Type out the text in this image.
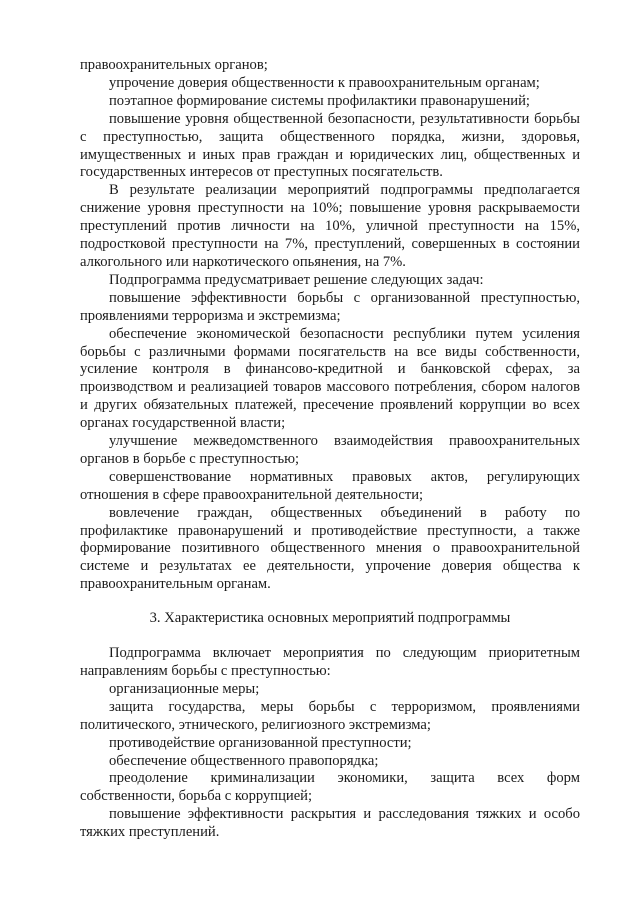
правоохранительных органов;

упрочение доверия общественности к правоохранительным органам;

поэтапное формирование системы профилактики правонарушений;

повышение уровня общественной безопасности, результативности борьбы с преступностью, защита общественного порядка, жизни, здоровья, имущественных и иных прав граждан и юридических лиц, общественных и государственных интересов от преступных посягательств.

В результате реализации мероприятий подпрограммы предполагается снижение уровня преступности на 10%; повышение уровня раскрываемости преступлений против личности на 10%, уличной преступности на 15%, подростковой преступности на 7%, преступлений, совершенных в состоянии алкогольного или наркотического опьянения, на 7%.

Подпрограмма предусматривает решение следующих задач:

повышение эффективности борьбы с организованной преступностью, проявлениями терроризма и экстремизма;

обеспечение экономической безопасности республики путем усиления борьбы с различными формами посягательств на все виды собственности, усиление контроля в финансово-кредитной и банковской сферах, за производством и реализацией товаров массового потребления, сбором налогов и других обязательных платежей, пресечение проявлений коррупции во всех органах государственной власти;

улучшение межведомственного взаимодействия правоохранительных органов в борьбе с преступностью;

совершенствование нормативных правовых актов, регулирующих отношения в сфере правоохранительной деятельности;

вовлечение граждан, общественных объединений в работу по профилактике правонарушений и противодействие преступности, а также формирование позитивного общественного мнения о правоохранительной системе и результатах ее деятельности, упрочение доверия общества к правоохранительным органам.

3. Характеристика основных мероприятий подпрограммы

Подпрограмма включает мероприятия по следующим приоритетным направлениям борьбы с преступностью:

организационные меры;

защита государства, меры борьбы с терроризмом, проявлениями политического, этнического, религиозного экстремизма;

противодействие организованной преступности;

обеспечение общественного правопорядка;

преодоление криминализации экономики, защита всех форм собственности, борьба с коррупцией;

повышение эффективности раскрытия и расследования тяжких и особо тяжких преступлений.
